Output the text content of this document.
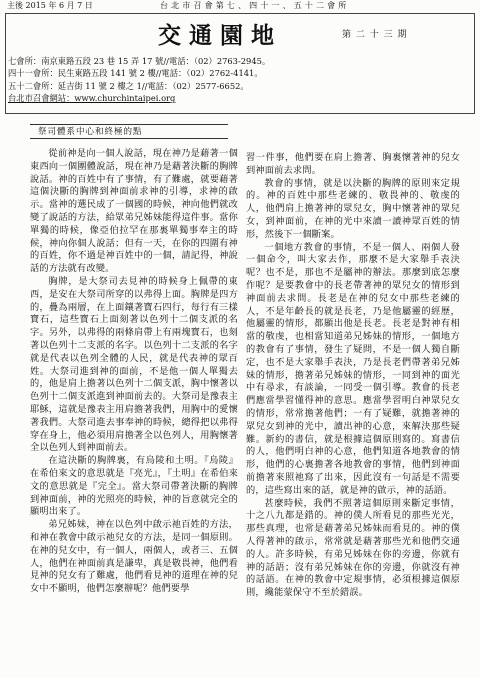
主後 2015 年 6 月 7 日	台 北 市 召 會 第 七 、 四 十 一 、 五 十 二 會 所
交通園地	第 二 十 三 期
七會所：南京東路五段 23 巷 15 弄 17 號//電話：（02）2763-2945。
四十一會所：民生東路五段 141 號 2 樓//電話：（02）2762-4141。
五十二會所：延吉街 11 號 2 樓之 1//電話：（02）2577-6652。
台北市召會網站：www.churchintaipei.org
祭司體系中心和終極的點

從前神是向一個人說話，現在神乃是藉著一個東西向一個團體說話，現在神乃是藉著決斷的胸牌說話。神的百姓中有了事情，有了難處，就要藉著這個決斷的胸牌到神面前求神的引導，求神的啟示。當神的選民成了一個國的時候，神向他們就改變了說話的方法，給眾弟兄姊妹能得這件事。當你單獨的時候，像亞伯拉罕在那裏單獨事奉主的時候，神向你個人說話；但有一天，在你的四圍有神的百姓，你不過是神百姓中的一個，請記得，神說話的方法就有改變。

胸牌，是大祭司去見神的時候身上佩帶的東西，是安在大祭司所穿的以弗得上面。胸牌是四方的，疊為兩層，在上面鑲著寶石四行，每行有三樣寶石，這些寶石上面刻著以色列十二個支派的名字。另外，以弗得的兩條肩帶上有兩塊寶石，也刻著以色列十二支派的名字。以色列十二支派的名字就是代表以色列全體的人民，就是代表神的眾百姓。大祭司進到神的面前，不是他一個人單獨去的，他是肩上擔著以色列十二個支派，胸中懷著以色列十二個支派進到神面前去的。大祭司是豫表主耶穌，這就是豫表主用肩擔著我們，用胸中的愛懷著我們。大祭司進去事奉神的時候，總得把以弗得穿在身上，他必須用肩擔著全以色列人，用胸懷著全以色列人到神面前去。

在這決斷的胸牌裏，有烏陵和土明。『烏陵』在希伯來文的意思就是『亮光』，『土明』在希伯來文的意思就是『完全』。當大祭司帶著決斷的胸牌到神面前，神的光照亮的時候，神的旨意就完全的顯明出來了。

弟兄姊妹，神在以色列中啟示祂百姓的方法，和神在教會中啟示祂兒女的方法，是同一個原則。在神的兒女中，有一個人，兩個人，或者三、五個人，他們在神面前真是謙卑，真是敬畏神，他們看見神的兒女有了難處，他們看見神的道理在神的兒女中不顯明，他們怎麼辦呢？他們要學

習一件事，他們要在肩上擔著、胸裏懷著神的兒女到神面前去求問。

教會的事情，就是以決斷的胸牌的原則來定規的。神的百姓中那些老練的、敬畏神的、敬虔的人，他們肩上擔著神的眾兒女，胸中懷著神的眾兒女，到神面前，在神的光中來讀一讀神眾百姓的情形，然後下一個斷案。

一個地方教會的事情，不是一個人、兩個人發一個命令，叫大家去作，那麼不是大家舉手表決呢？也不是，那也不是屬神的辦法。那麼到底怎麼作呢？是要教會中的長老帶著神的眾兒女的情形到神面前去求問。長老是在神的兒女中那些老練的人，不是年齡長的就是長老，乃是他屬靈的經歷，他屬靈的情形，都顯出他是長老。長老是對神有相當的敬虔，也相當知道弟兄姊妹的情形，一個地方的教會有了事情，發生了疑問，不是一個人獨自斷定，也不是大家舉手表決，乃是長老們帶著弟兄姊妹的情形，擔著弟兄姊妹的情形，一同到神的面光中有尋求，有談論，一同受一個引導。教會的長老們應當學習懂得神的意思。應當學習明白神眾兒女的情形，常常擔著他們；一有了疑難，就擔著神的眾兒女到神的光中，讀出神的心意，來解決那些疑難。新約的書信，就是根據這個原則寫的。寫書信的人，他們明白神的心意，他們知道各地教會的情形，他們的心裏擔著各地教會的事情，他們到神面前擔著來照祂寫了出來，因此沒有一句話是不需要的，這些寫出來的話，就是神的啟示，神的話語。

甚麼時候，我們不照著這個原則來斷定事情，十之八九都是錯的。神的僕人所看見的那些光光，那些真理，也常是藉著弟兄姊妹而看見的。神的僕人得著神的啟示，常常就是藉著那些光和他們交通的人。許多時候，有弟兄姊妹在你的旁邊，你就有神的話語；沒有弟兄姊妹在你的旁邊，你就沒有神的話語。在神的教會中定規事情，必須根據這個原則，纔能蒙保守不至於錯誤。
